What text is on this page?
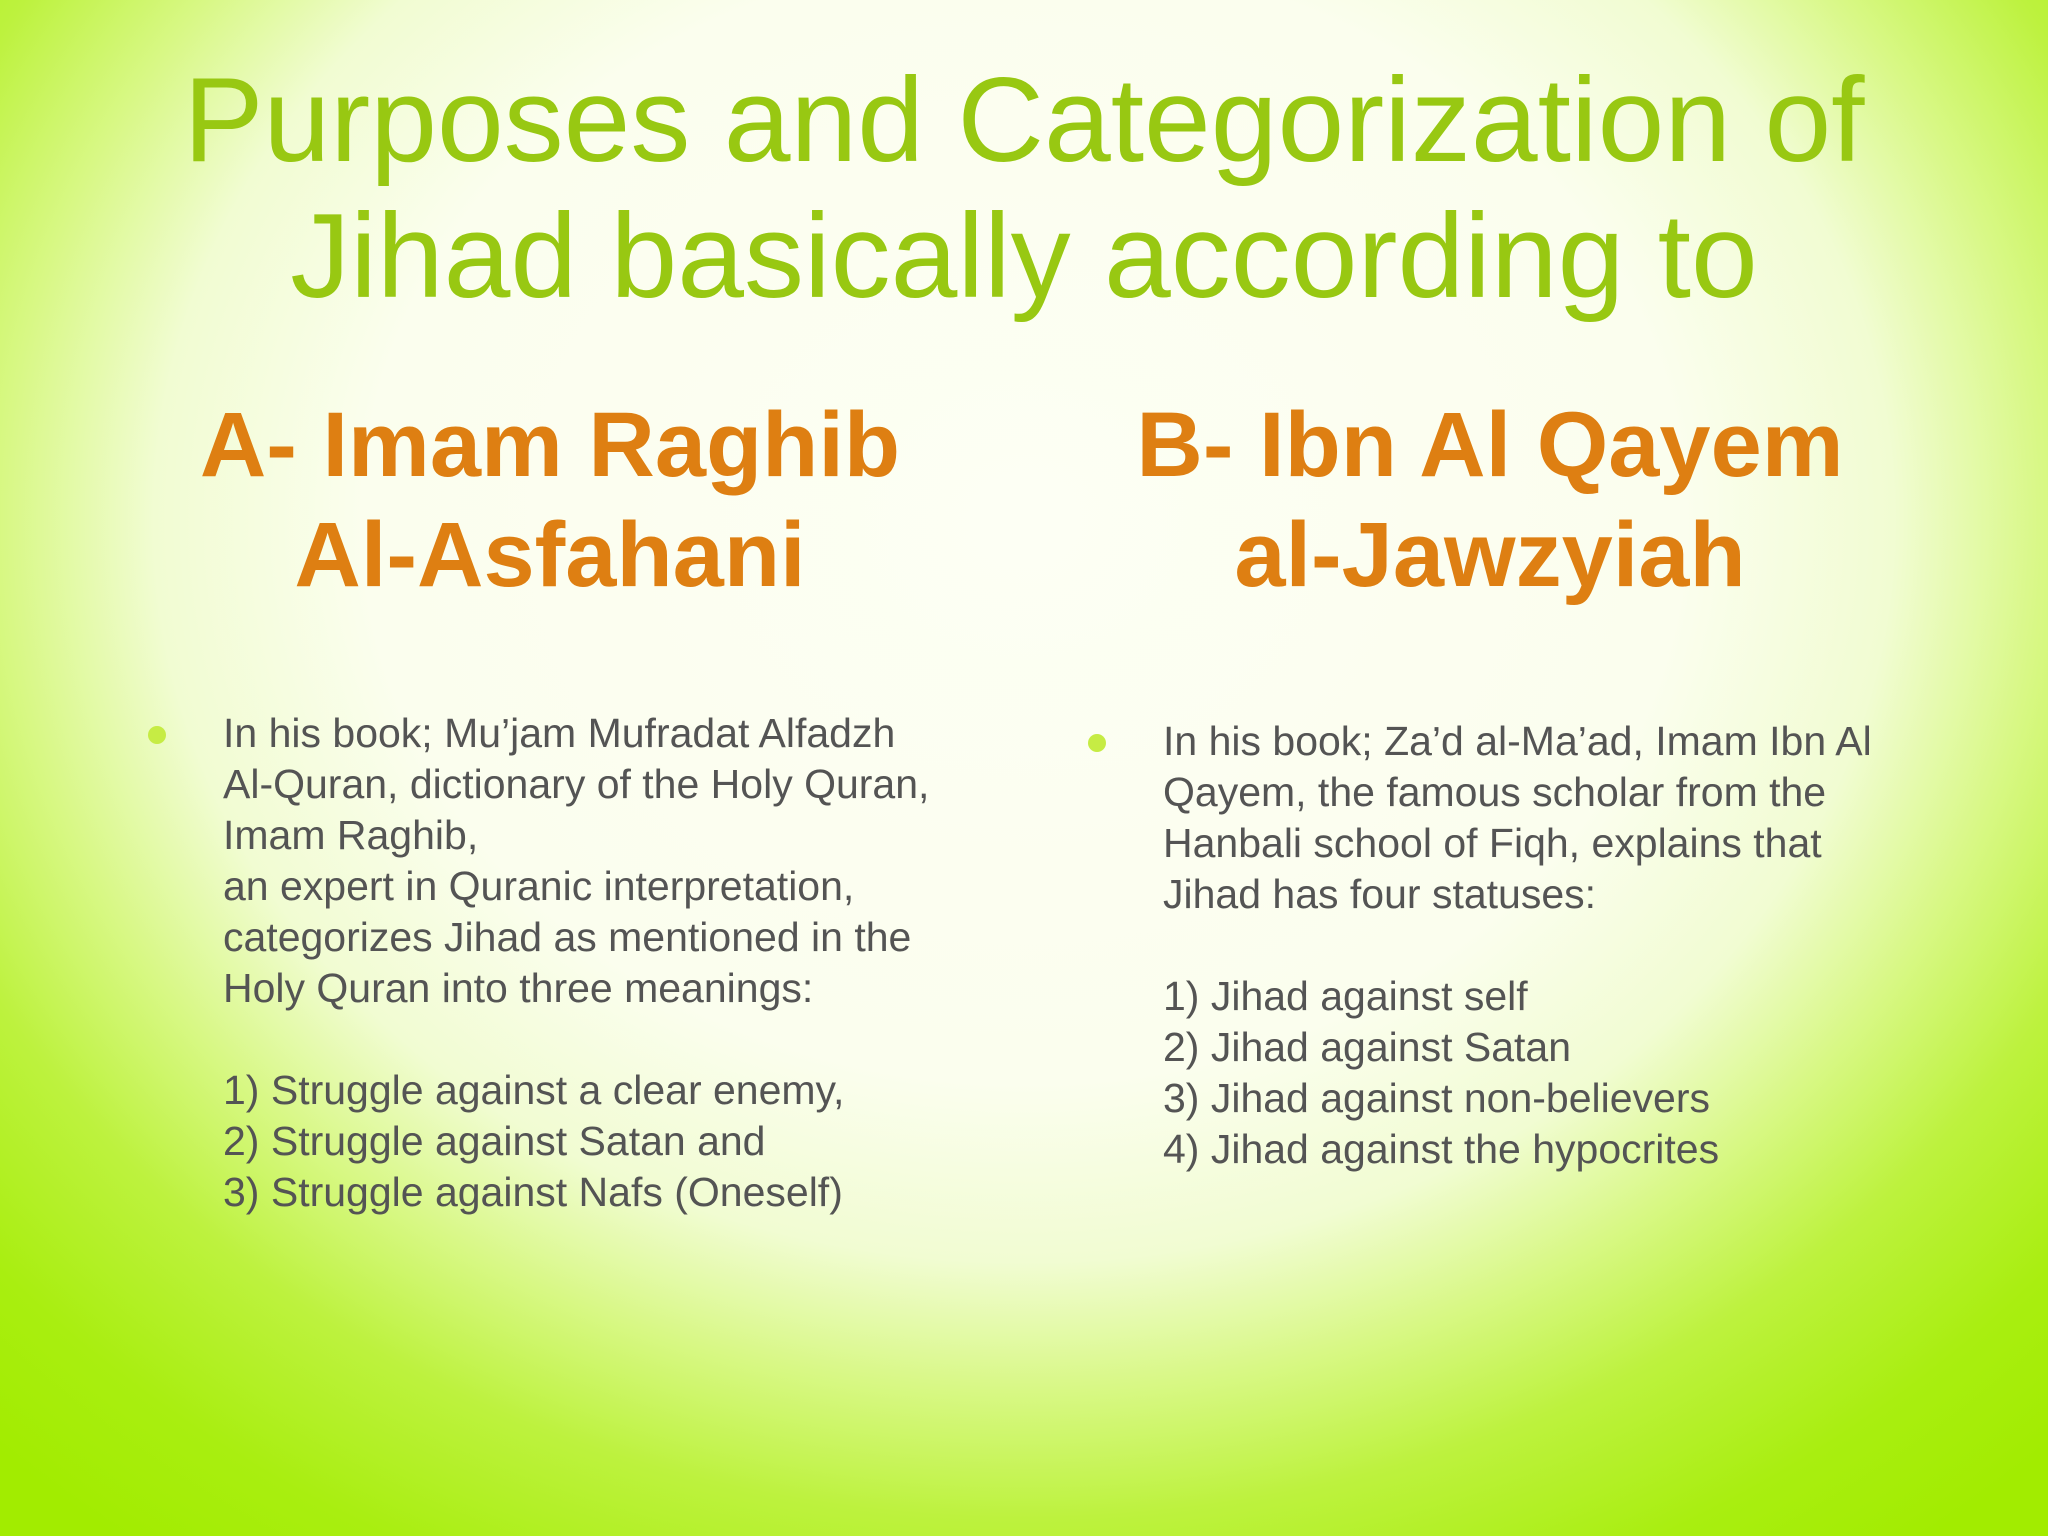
Purposes and Categorization of
Jihad basically according to
A- Imam Raghib
Al-Asfahani
B- Ibn Al Qayem
al-Jawzyiah
In his book; Mu’jam Mufradat Alfadzh
Al-Quran, dictionary of the Holy Quran,
Imam Raghib,
an expert in Quranic interpretation,
categorizes Jihad as mentioned in the
Holy Quran into three meanings:
1) Struggle against a clear enemy,
2) Struggle against Satan and
3) Struggle against Nafs (Oneself)
In his book; Za’d al-Ma’ad, Imam Ibn Al
Qayem, the famous scholar from the
Hanbali school of Fiqh, explains that
Jihad has four statuses:
1) Jihad against self
2) Jihad against Satan
3) Jihad against non-believers
4) Jihad against the hypocrites
